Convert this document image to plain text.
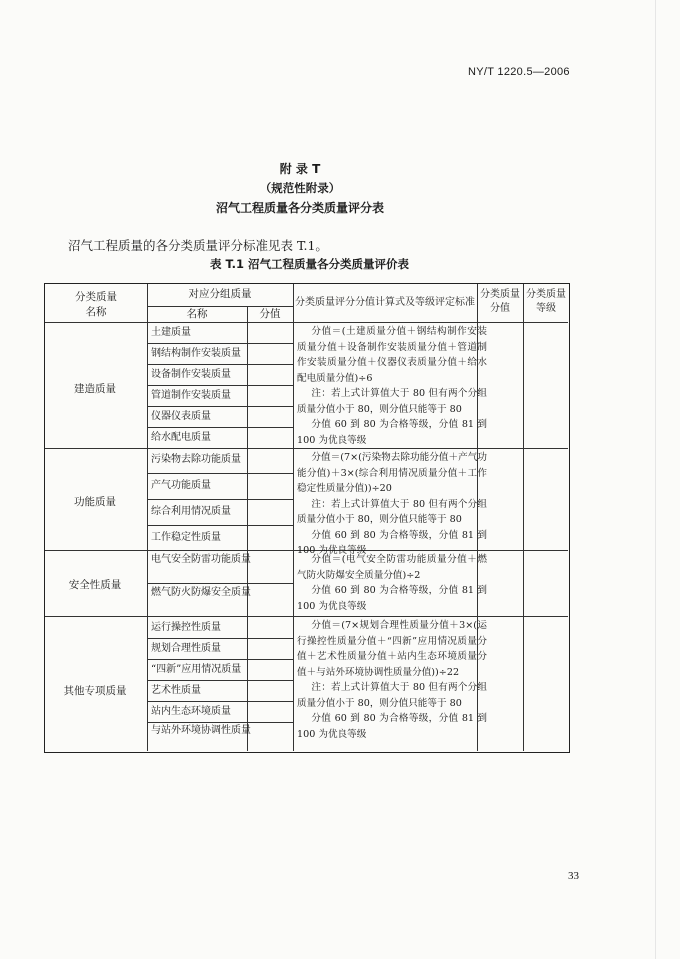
NY/T 1220.5—2006
附 录 T
（规范性附录）
沼气工程质量各分类质量评分表
沼气工程质量的各分类质量评分标准见表 T.1。
表 T.1 沼气工程质量各分类质量评价表
分类质量
名称
对应分组质量
名称	分值
分类质量评分分值计算式及等级评定标准
分类质量分值
分类质量等级
建造质量
土建质量
钢结构制作安装质量
设备制作安装质量
管道制作安装质量
仪器仪表质量
给水配电质量

分值＝(土建质量分值＋钢结构制作安装质量分值＋设备制作安装质量分值＋管道制作安装质量分值＋仪器仪表质量分值＋给水配电质量分值)÷6

注：若上式计算值大于 80 但有两个分组质量分值小于 80，则分值只能等于 80

分值 60 到 80 为合格等级，分值 81 到 100 为优良等级

功能质量
污染物去除功能质量
产气功能质量
综合利用情况质量
工作稳定性质量

分值＝(7×(污染物去除功能分值＋产气功能分值)＋3×(综合利用情况质量分值＋工作稳定性质量分值))÷20

注：若上式计算值大于 80 但有两个分组质量分值小于 80，则分值只能等于 80

分值 60 到 80 为合格等级，分值 81 到 100 为优良等级

安全性质量
电气安全防雷功能质量
燃气防火防爆安全质量

分值＝(电气安全防雷功能质量分值＋燃气防火防爆安全质量分值)÷2

分值 60 到 80 为合格等级，分值 81 到 100 为优良等级

其他专项质量
运行操控性质量
规划合理性质量
“四新”应用情况质量
艺术性质量
站内生态环境质量
与站外环境协调性质量

分值＝(7×规划合理性质量分值＋3×(运行操控性质量分值＋“四新”应用情况质量分值＋艺术性质量分值＋站内生态环境质量分值＋与站外环境协调性质量分值))÷22

注：若上式计算值大于 80 但有两个分组质量分值小于 80，则分值只能等于 80

分值 60 到 80 为合格等级，分值 81 到 100 为优良等级

33
